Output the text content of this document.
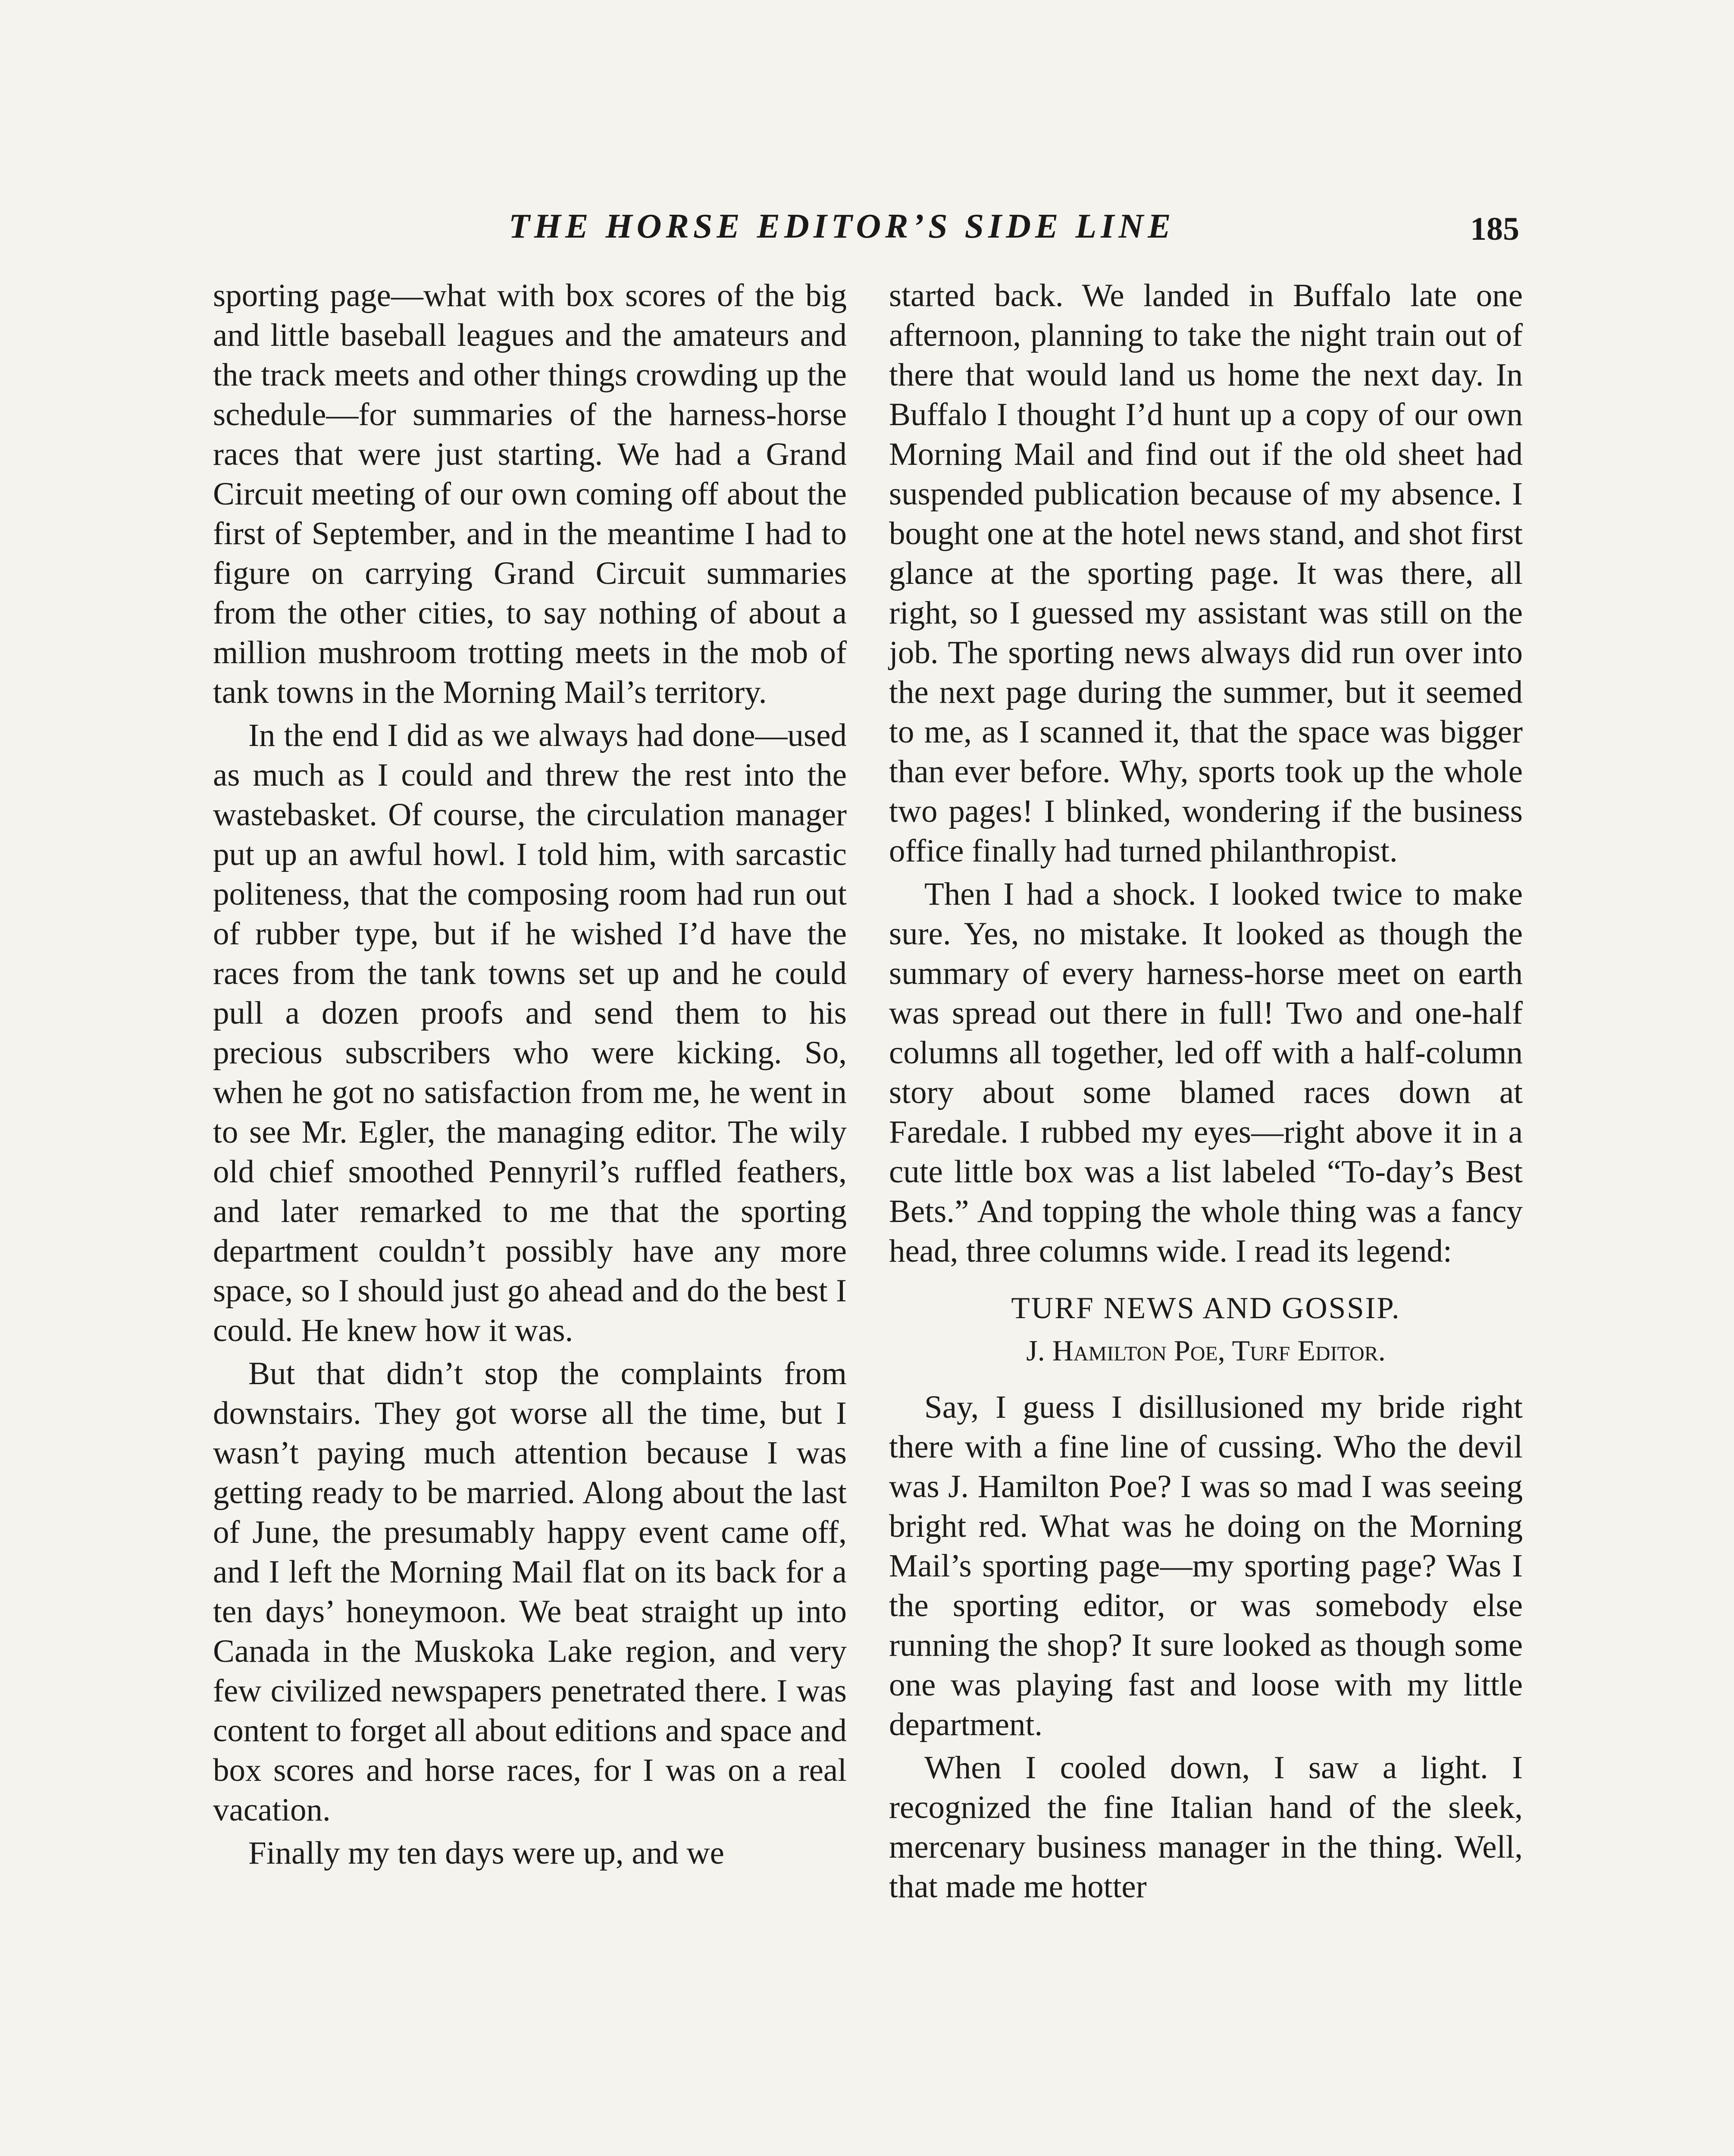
THE HORSE EDITOR’S SIDE LINE	185

sporting page—what with box scores of the big and little baseball leagues and the amateurs and the track meets and other things crowding up the schedule—for summaries of the harness-horse races that were just starting. We had a Grand Circuit meeting of our own coming off about the first of September, and in the meantime I had to figure on carrying Grand Circuit summaries from the other cities, to say nothing of about a million mushroom trotting meets in the mob of tank towns in the Morning Mail’s territory.

In the end I did as we always had done—used as much as I could and threw the rest into the wastebasket. Of course, the circulation manager put up an awful howl. I told him, with sarcastic politeness, that the composing room had run out of rubber type, but if he wished I’d have the races from the tank towns set up and he could pull a dozen proofs and send them to his precious subscribers who were kicking. So, when he got no satisfaction from me, he went in to see Mr. Egler, the managing editor. The wily old chief smoothed Pennyril’s ruffled feathers, and later remarked to me that the sporting department couldn’t possibly have any more space, so I should just go ahead and do the best I could. He knew how it was.

But that didn’t stop the complaints from downstairs. They got worse all the time, but I wasn’t paying much attention because I was getting ready to be married. Along about the last of June, the presumably happy event came off, and I left the Morning Mail flat on its back for a ten days’ honeymoon. We beat straight up into Canada in the Muskoka Lake region, and very few civilized newspapers penetrated there. I was content to forget all about editions and space and box scores and horse races, for I was on a real vacation.

Finally my ten days were up, and we

started back. We landed in Buffalo late one afternoon, planning to take the night train out of there that would land us home the next day. In Buffalo I thought I’d hunt up a copy of our own Morning Mail and find out if the old sheet had suspended publication because of my absence. I bought one at the hotel news stand, and shot first glance at the sporting page. It was there, all right, so I guessed my assistant was still on the job. The sporting news always did run over into the next page during the summer, but it seemed to me, as I scanned it, that the space was bigger than ever before. Why, sports took up the whole two pages! I blinked, wondering if the business office finally had turned philanthropist.

Then I had a shock. I looked twice to make sure. Yes, no mistake. It looked as though the summary of every harness-horse meet on earth was spread out there in full! Two and one-half columns all together, led off with a half-column story about some blamed races down at Faredale. I rubbed my eyes—right above it in a cute little box was a list labeled “To-day’s Best Bets.” And topping the whole thing was a fancy head, three columns wide. I read its legend:

TURF NEWS AND GOSSIP.
J. Hamilton Poe, Turf Editor.

Say, I guess I disillusioned my bride right there with a fine line of cussing. Who the devil was J. Hamilton Poe? I was so mad I was seeing bright red. What was he doing on the Morning Mail’s sporting page—my sporting page? Was I the sporting editor, or was somebody else running the shop? It sure looked as though some one was playing fast and loose with my little department.

When I cooled down, I saw a light. I recognized the fine Italian hand of the sleek, mercenary business manager in the thing. Well, that made me hotter
